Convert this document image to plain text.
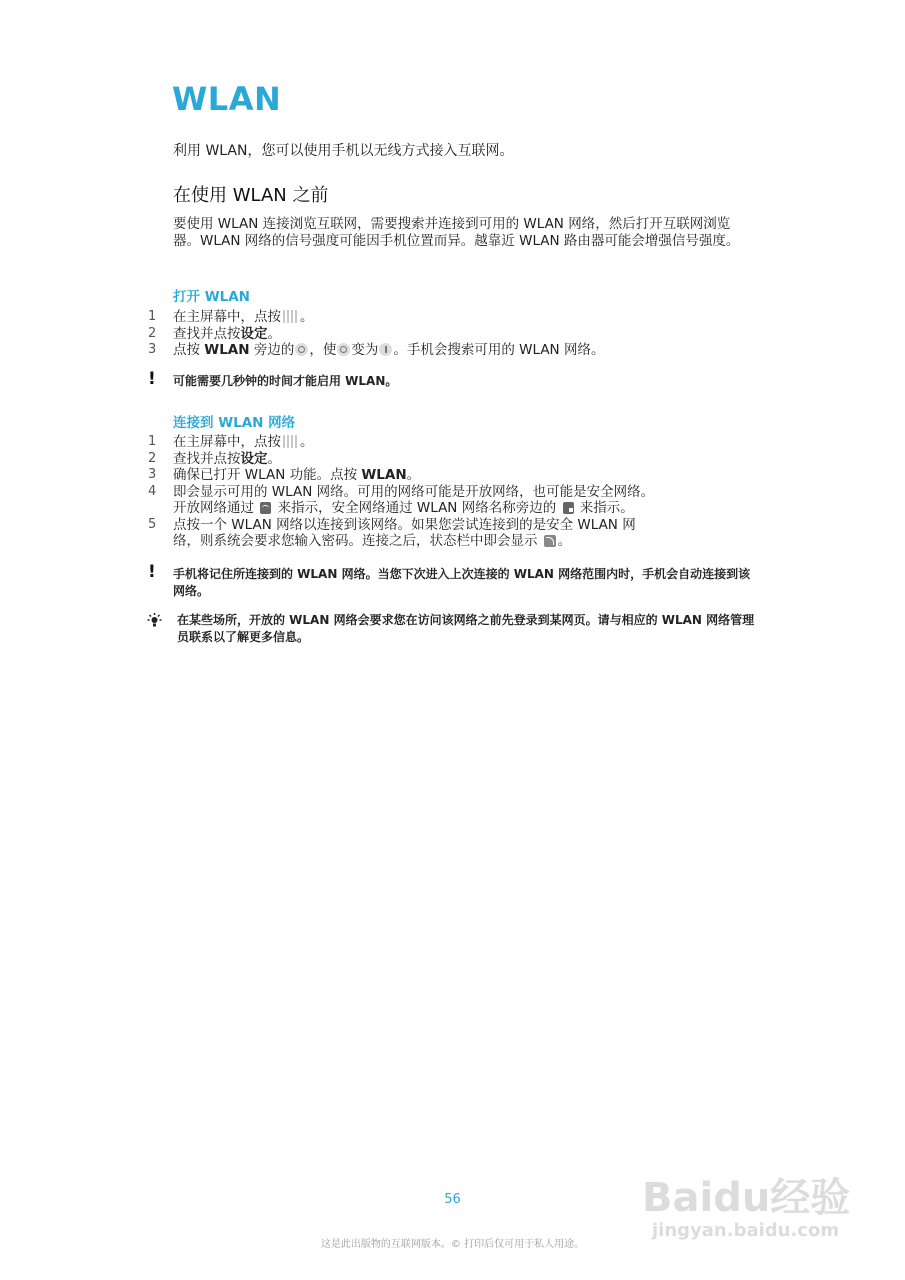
WLAN
利用 WLAN，您可以使用手机以无线方式接入互联网。
在使用 WLAN 之前
要使用 WLAN 连接浏览互联网，需要搜索并连接到可用的 WLAN 网络，然后打开互联网浏览器。WLAN 网络的信号强度可能因手机位置而异。越靠近 WLAN 路由器可能会增强信号强度。
打开 WLAN
1 在主屏幕中，点按 。
2 查找并点按设定。
3 点按 WLAN 旁边的 ，使 变为 。手机会搜索可用的 WLAN 网络。
! 可能需要几秒钟的时间才能启用 WLAN。
连接到 WLAN 网络
1 在主屏幕中，点按 。
2 查找并点按设定。
3 确保已打开 WLAN 功能。点按 WLAN。
4 即会显示可用的 WLAN 网络。可用的网络可能是开放网络，也可能是安全网络。
开放网络通过 来指示，安全网络通过 WLAN 网络名称旁边的 来指示。
5 点按一个 WLAN 网络以连接到该网络。如果您尝试连接到的是安全 WLAN 网
络，则系统会要求您输入密码。连接之后，状态栏中即会显示 。
! 手机将记住所连接到的 WLAN 网络。当您下次进入上次连接的 WLAN 网络范围内时，手机会自动连接到该网络。
在某些场所，开放的 WLAN 网络会要求您在访问该网络之前先登录到某网页。请与相应的 WLAN 网络管理员联系以了解更多信息。
56
这是此出版物的互联网版本。© 打印后仅可用于私人用途。
Baidu经验
jingyan.baidu.com
